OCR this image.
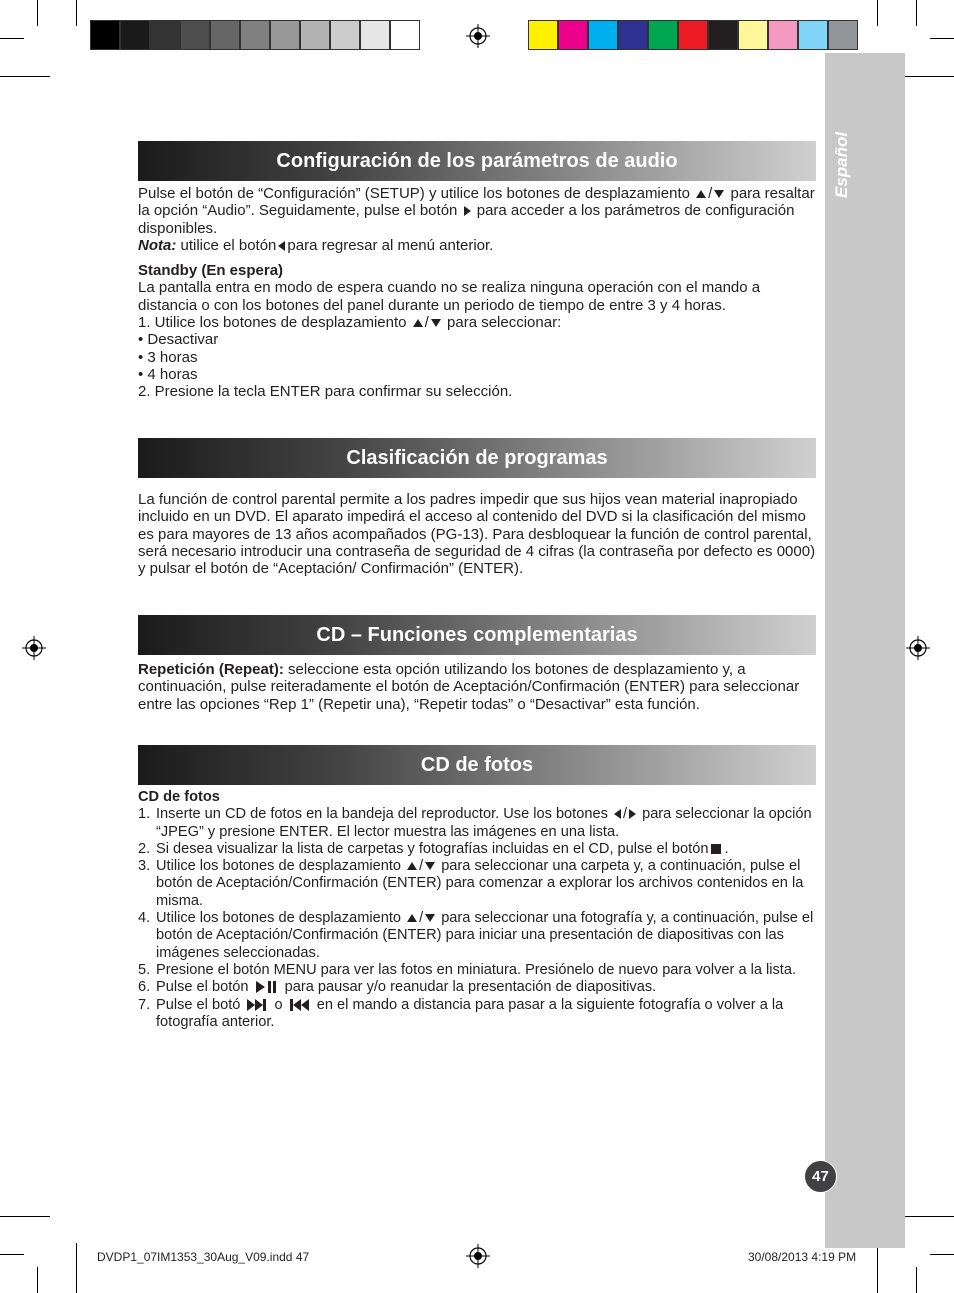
Español
47
Configuración de los parámetros de audio

Pulse el botón de “Configuración” (SETUP) y utilice los botones de desplazamiento / para resaltar la opción “Audio”. Seguidamente, pulse el botón para acceder a los parámetros de configuración disponibles.

Nota: utilice el botón para regresar al menú anterior.

Standby (En espera)

La pantalla entra en modo de espera cuando no se realiza ninguna operación con el mando a distancia o con los botones del panel durante un periodo de tiempo de entre 3 y 4 horas.

1. Utilice los botones de desplazamiento / para seleccionar:

• Desactivar

• 3 horas

• 4 horas

2. Presione la tecla ENTER para confirmar su selección.

Clasificación de programas

La función de control parental permite a los padres impedir que sus hijos vean material inapropiado incluido en un DVD. El aparato impedirá el acceso al contenido del DVD si la clasificación del mismo es para mayores de 13 años acompañados (PG-13). Para desbloquear la función de control parental, será necesario introducir una contraseña de seguridad de 4 cifras (la contraseña por defecto es 0000) y pulsar el botón de “Aceptación/ Confirmación” (ENTER).

CD – Funciones complementarias

Repetición (Repeat): seleccione esta opción utilizando los botones de desplazamiento y, a continuación, pulse reiteradamente el botón de Aceptación/Confirmación (ENTER) para seleccionar entre las opciones “Rep 1” (Repetir una), “Repetir todas” o “Desactivar” esta función.

CD de fotos

CD de fotos

1. Inserte un CD de fotos en la bandeja del reproductor. Use los botones / para seleccionar la opción “JPEG” y presione ENTER. El lector muestra las imágenes en una lista.
2. Si desea visualizar la lista de carpetas y fotografías incluidas en el CD, pulse el botón .
3. Utilice los botones de desplazamiento / para seleccionar una carpeta y, a continuación, pulse el botón de Aceptación/Confirmación (ENTER) para comenzar a explorar los archivos contenidos en la misma.
4. Utilice los botones de desplazamiento / para seleccionar una fotografía y, a continuación, pulse el botón de Aceptación/Confirmación (ENTER) para iniciar una presentación de diapositivas con las imágenes seleccionadas.
5. Presione el botón MENU para ver las fotos en miniatura. Presiónelo de nuevo para volver a la lista.
6. Pulse el botón para pausar y/o reanudar la presentación de diapositivas.
7. Pulse el botó o en el mando a distancia para pasar a la siguiente fotografía o volver a la fotografía anterior.
DVDP1_07IM1353_30Aug_V09.indd 47	30/08/2013 4:19 PM
